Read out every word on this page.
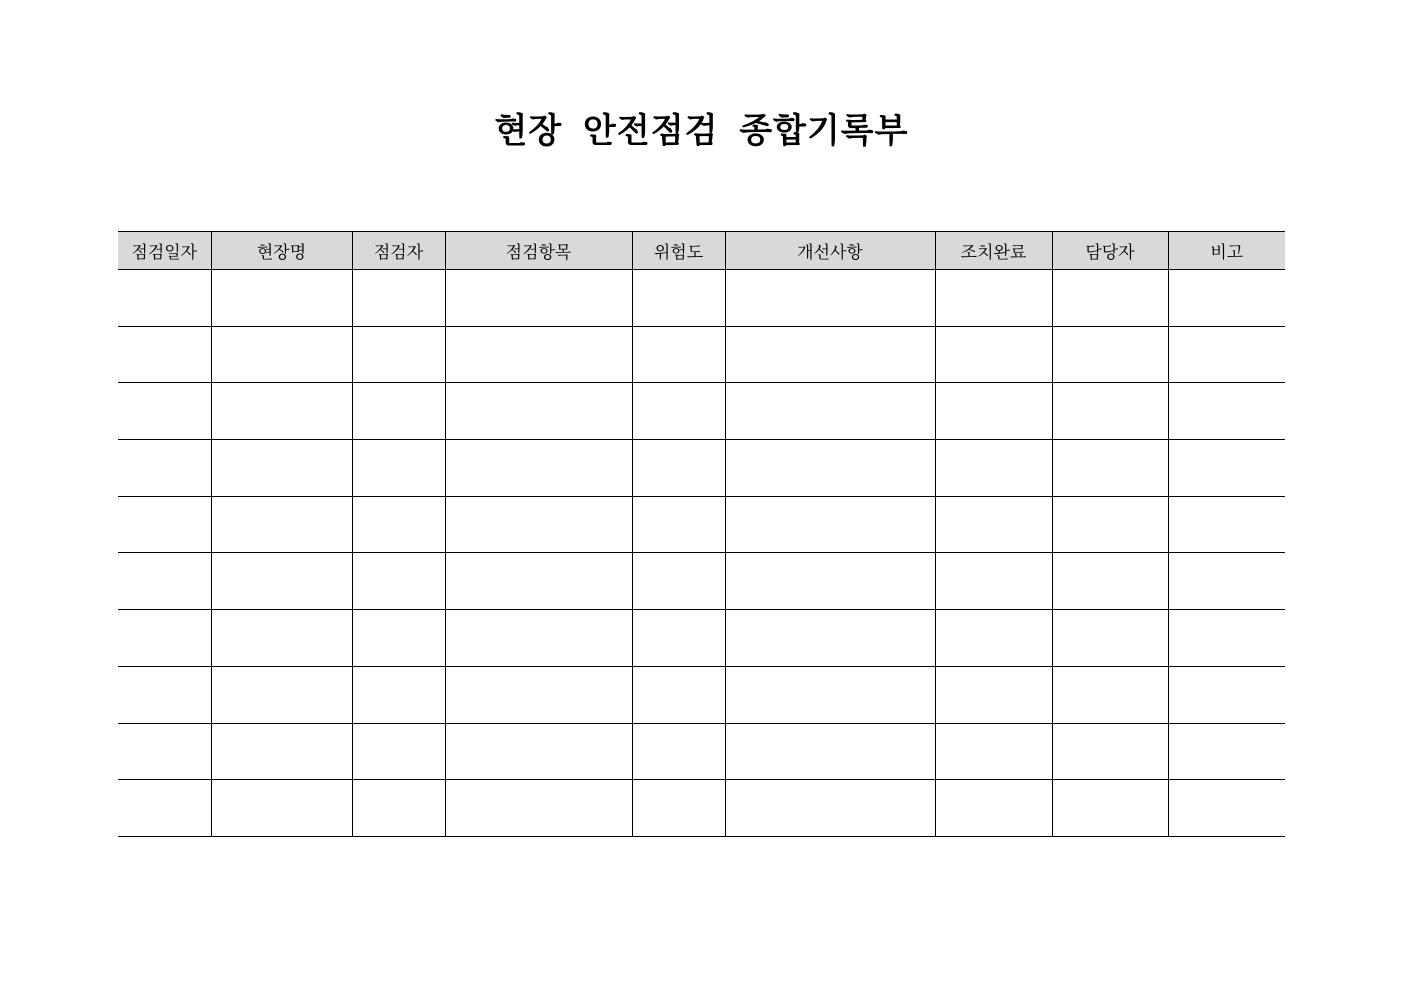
현장 안전점검 종합기록부
점검일자	현장명	점검자	점검항목	위험도	개선사항	조치완료	담당자	비고
